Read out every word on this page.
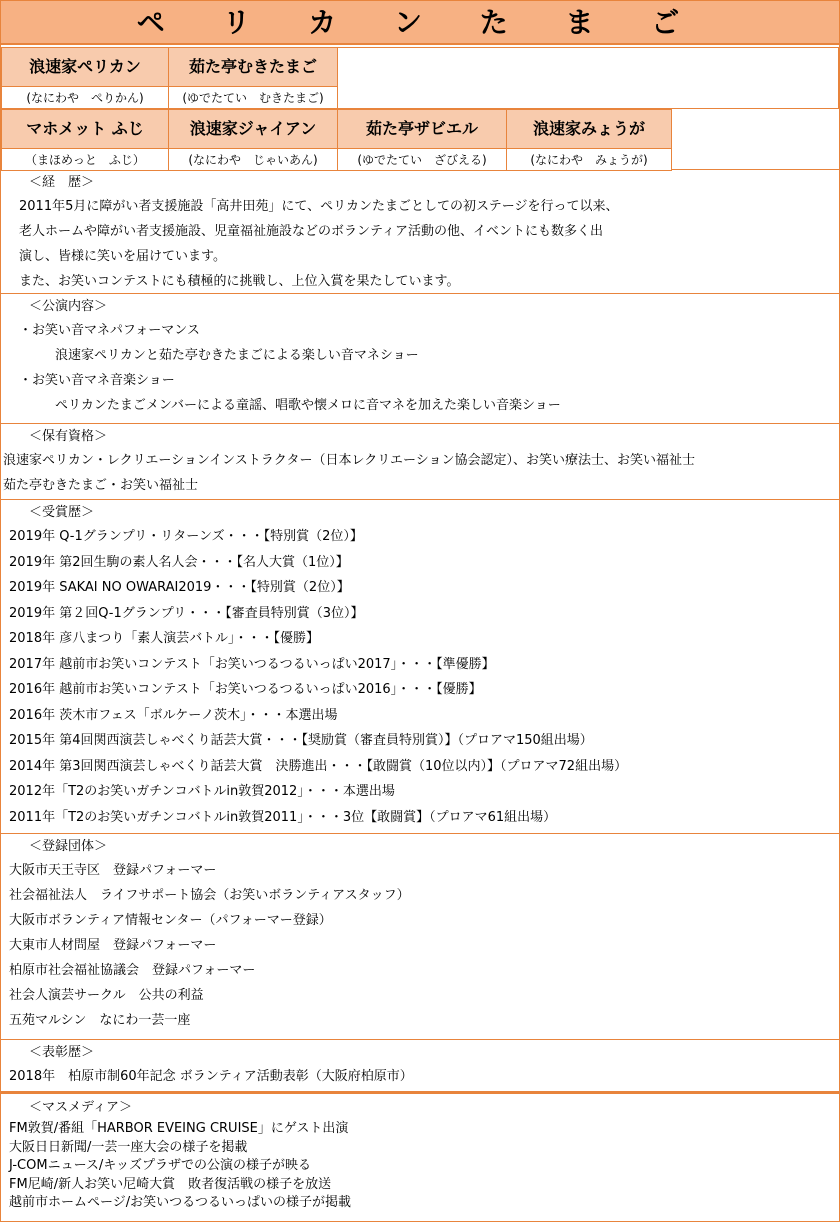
ペ リ カ ン た ま ご
浪速家ペリカン
(なにわや　ぺりかん)
茹た亭むきたまご
(ゆでたてい　むきたまご)
マホメット ふじ
（まほめっと　ふじ）
浪速家ジャイアン
(なにわや　じゃいあん)
茹た亭ザビエル
(ゆでたてい　ざびえる)
浪速家みょうが
(なにわや　みょうが)
＜経　歴＞
2011年5月に障がい者支援施設「高井田苑」にて、ペリカンたまごとしての初ステージを行って以来、
老人ホームや障がい者支援施設、児童福祉施設などのボランティア活動の他、イベントにも数多く出
演し、皆様に笑いを届けています。
また、お笑いコンテストにも積極的に挑戦し、上位入賞を果たしています。
＜公演内容＞
・お笑い音マネパフォーマンス
浪速家ペリカンと茹た亭むきたまごによる楽しい音マネショー
・お笑い音マネ音楽ショー
ペリカンたまごメンバーによる童謡、唱歌や懐メロに音マネを加えた楽しい音楽ショー
＜保有資格＞
浪速家ペリカン・レクリエーションインストラクター（日本レクリエーション協会認定）、お笑い療法士、お笑い福祉士
茹た亭むきたまご・お笑い福祉士
＜受賞歴＞
2019年 Q-1グランプリ・リターンズ・・・【特別賞（2位）】
2019年 第2回生駒の素人名人会・・・【名人大賞（1位）】
2019年 SAKAI NO OWARAI2019・・・【特別賞（2位）】
2019年 第２回Q-1グランプリ・・・【審査員特別賞（3位）】
2018年 彦八まつり「素人演芸バトル」・・・【優勝】
2017年 越前市お笑いコンテスト「お笑いつるつるいっぱい2017」・・・【準優勝】
2016年 越前市お笑いコンテスト「お笑いつるつるいっぱい2016」・・・【優勝】
2016年 茨木市フェス「ボルケーノ茨木」・・・本選出場
2015年 第4回関西演芸しゃべくり話芸大賞・・・【奨励賞（審査員特別賞）】（プロアマ150組出場）
2014年 第3回関西演芸しゃべくり話芸大賞　決勝進出・・・【敢闘賞（10位以内）】（プロアマ72組出場）
2012年「T2のお笑いガチンコバトルin敦賀2012」・・・本選出場
2011年「T2のお笑いガチンコバトルin敦賀2011」・・・3位【敢闘賞】（プロアマ61組出場）
＜登録団体＞
大阪市天王寺区　登録パフォーマー
社会福祉法人　ライフサポート協会（お笑いボランティアスタッフ）
大阪市ボランティア情報センター（パフォーマー登録）
大東市人材問屋　登録パフォーマー
柏原市社会福祉協議会　登録パフォーマー
社会人演芸サークル　公共の利益
五苑マルシン　なにわ一芸一座
＜表彰歴＞
2018年　柏原市制60年記念 ボランティア活動表彰（大阪府柏原市）
＜マスメディア＞
FM敦賀/番組「HARBOR EVEING CRUISE」にゲスト出演
大阪日日新聞/一芸一座大会の様子を掲載
J-COMニュース/キッズプラザでの公演の様子が映る
FM尼崎/新人お笑い尼崎大賞　敗者復活戦の様子を放送
越前市ホームページ/お笑いつるつるいっぱいの様子が掲載
